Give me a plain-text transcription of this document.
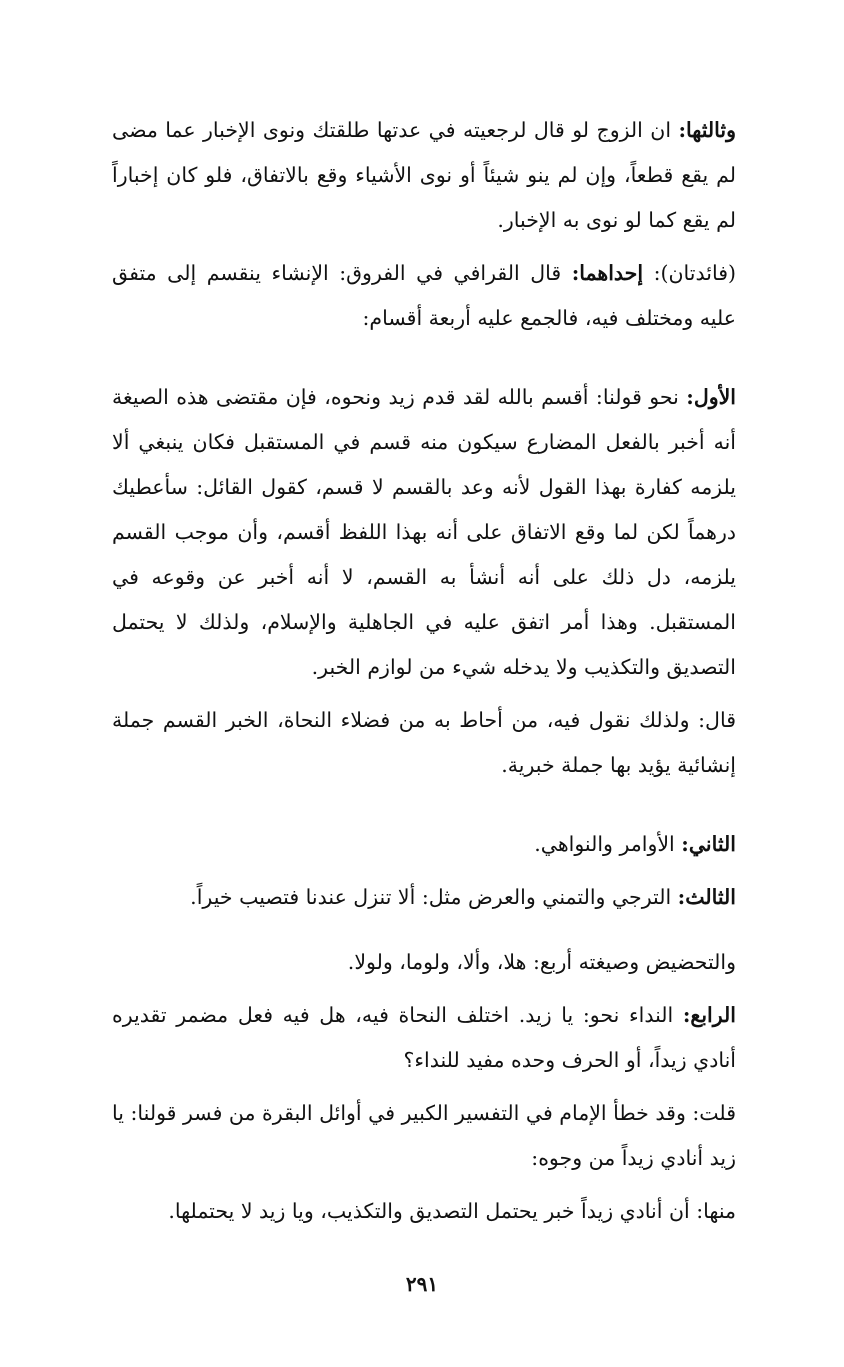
وثالثها: ان الزوج لو قال لرجعيته في عدتها طلقتك ونوى الإخبار عما مضى لم يقع قطعاً، وإن لم ينو شيئاً أو نوى الأشياء وقع بالاتفاق، فلو كان إخباراً لم يقع كما لو نوى به الإخبار.

(فائدتان): إحداهما: قال القرافي في الفروق: الإنشاء ينقسم إلى متفق عليه ومختلف فيه، فالجمع عليه أربعة أقسام:

الأول: نحو قولنا: أقسم بالله لقد قدم زيد ونحوه، فإن مقتضى هذه الصيغة أنه أخبر بالفعل المضارع سيكون منه قسم في المستقبل فكان ينبغي ألا يلزمه كفارة بهذا القول لأنه وعد بالقسم لا قسم، كقول القائل: سأعطيك درهماً لكن لما وقع الاتفاق على أنه بهذا اللفظ أقسم، وأن موجب القسم يلزمه، دل ذلك على أنه أنشأ به القسم، لا أنه أخبر عن وقوعه في المستقبل. وهذا أمر اتفق عليه في الجاهلية والإسلام، ولذلك لا يحتمل التصديق والتكذيب ولا يدخله شيء من لوازم الخبر.

قال: ولذلك نقول فيه، من أحاط به من فضلاء النحاة، الخبر القسم جملة إنشائية يؤيد بها جملة خبرية.

الثاني: الأوامر والنواهي.

الثالث: الترجي والتمني والعرض مثل: ألا تنزل عندنا فتصيب خيراً.

والتحضيض وصيغته أربع: هلا، وألا، ولوما، ولولا.

الرابع: النداء نحو: يا زيد. اختلف النحاة فيه، هل فيه فعل مضمر تقديره أنادي زيداً، أو الحرف وحده مفيد للنداء؟

قلت: وقد خطأ الإمام في التفسير الكبير في أوائل البقرة من فسر قولنا: يا زيد أنادي زيداً من وجوه:

منها: أن أنادي زيداً خبر يحتمل التصديق والتكذيب، ويا زيد لا يحتملها.

٢٩١
